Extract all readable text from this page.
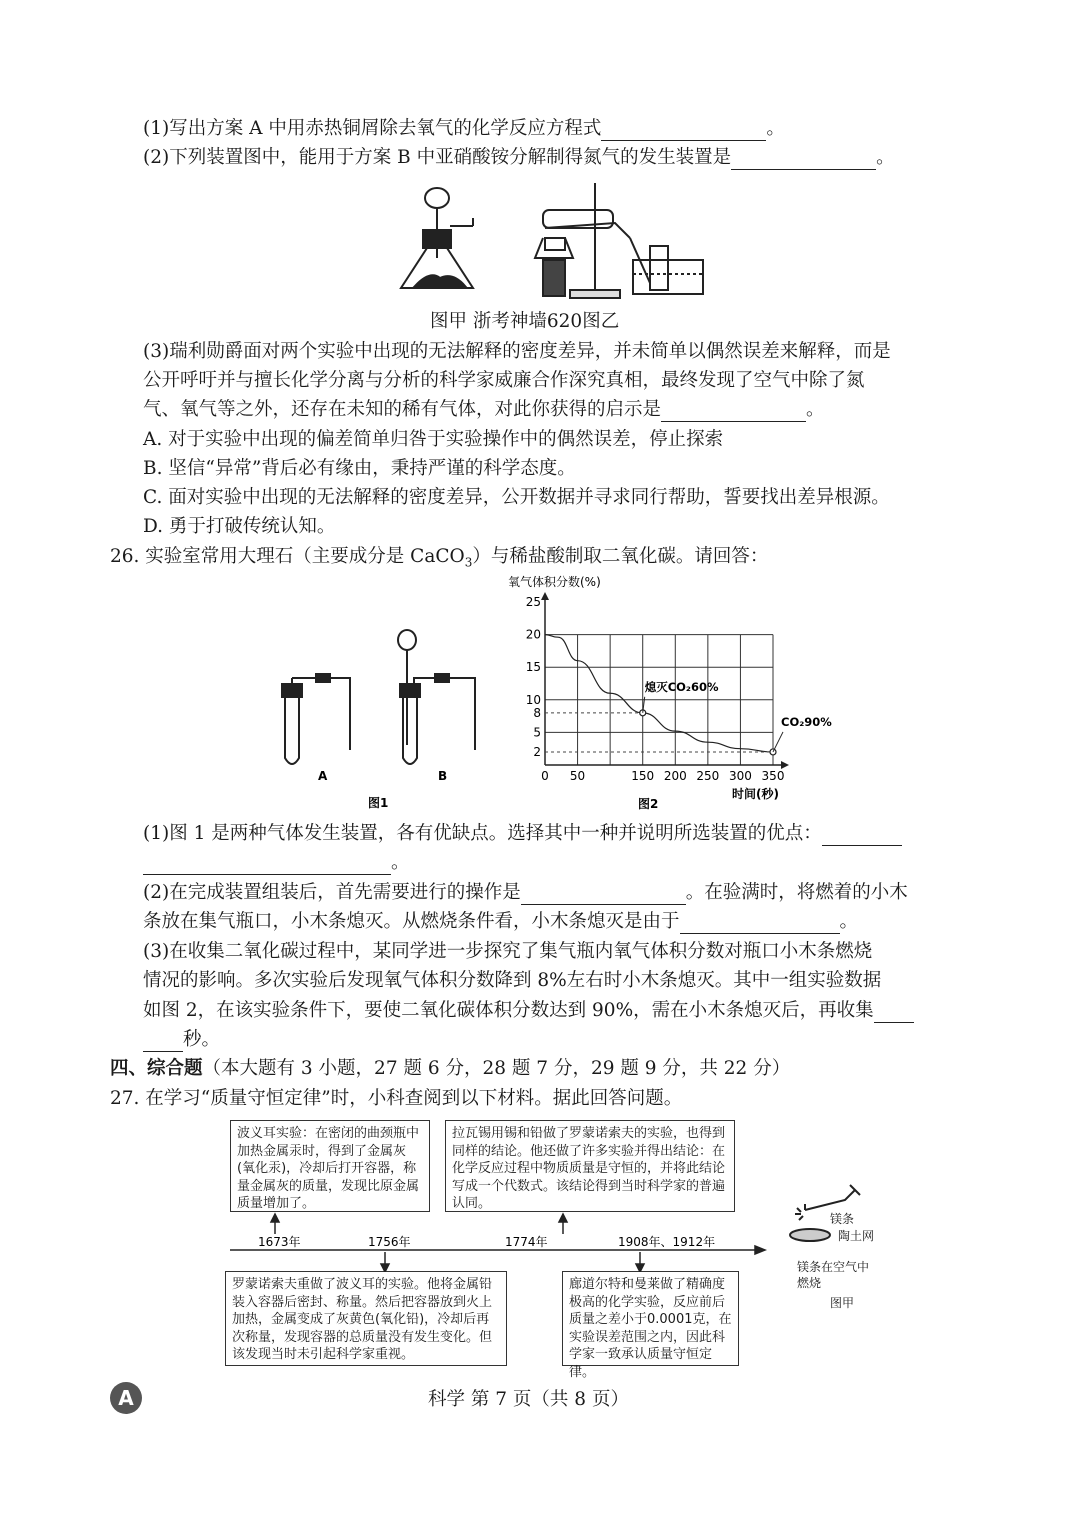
(1)写出方案 A 中用赤热铜屑除去氧气的化学反应方程式	。
(2)下列装置图中，能用于方案 B 中亚硝酸铵分解制得氮气的发生装置是	。
图甲 浙考神墙620图乙
(3)瑞利勋爵面对两个实验中出现的无法解释的密度差异，并未简单以偶然误差来解释，而是
公开呼吁并与擅长化学分离与分析的科学家威廉合作深究真相，最终发现了空气中除了氮
气、氧气等之外，还存在未知的稀有气体，对此你获得的启示是	。
A. 对于实验中出现的偏差简单归咎于实验操作中的偶然误差，停止探索
B. 坚信“异常”背后必有缘由，秉持严谨的科学态度。
C. 面对实验中出现的无法解释的密度差异，公开数据并寻求同行帮助，誓要找出差异根源。
D. 勇于打破传统认知。
26. 实验室常用大理石（主要成分是 CaCO$_3$）与稀盐酸制取二氧化碳。请回答：
A	B
图1
氧气体积分数(%)
2
5
8
10
15
20
25
0 50	150 200 250 300 350
熄灭CO₂60%
CO₂90%
时间(秒)
图2
(1)图 1 是两种气体发生装置，各有优缺点。选择其中一种并说明所选装置的优点：
。
(2)在完成装置组装后，首先需要进行的操作是	。在验满时，将燃着的小木
条放在集气瓶口，小木条熄灭。从燃烧条件看，小木条熄灭是由于	。
(3)在收集二氧化碳过程中，某同学进一步探究了集气瓶内氧气体积分数对瓶口小木条燃烧
情况的影响。多次实验后发现氧气体积分数降到 8%左右时小木条熄灭。其中一组实验数据
如图 2，在该实验条件下，要使二氧化碳体积分数达到 90%，需在小木条熄灭后，再收集
秒。
四、综合题（本大题有 3 小题，27 题 6 分，28 题 7 分，29 题 9 分，共 22 分）
27. 在学习“质量守恒定律”时，小科查阅到以下材料。据此回答问题。
波义耳实验：在密闭的曲颈瓶中加热金属汞时，得到了金属灰(氧化汞)，冷却后打开容器，称量金属灰的质量，发现比原金属质量增加了。
拉瓦锡用锡和铅做了罗蒙诺索夫的实验，也得到同样的结论。他还做了许多实验并得出结论：在化学反应过程中物质质量是守恒的，并将此结论写成一个代数式。该结论得到当时科学家的普遍认同。
罗蒙诺索夫重做了波义耳的实验。他将金属铅装入容器后密封、称量。然后把容器放到火上加热，金属变成了灰黄色(氧化铅)，冷却后再次称量，发现容器的总质量没有发生变化。但该发现当时未引起科学家重视。
廊道尔特和曼莱做了精确度极高的化学实验，反应前后质量之差小于0.0001克，在实验误差范围之内，因此科学家一致承认质量守恒定律。
1673年	1756年	1774年	1908年、1912年
镁条
陶土网
镁条在空气中
燃烧
图甲
A	科学 第 7 页（共 8 页）
